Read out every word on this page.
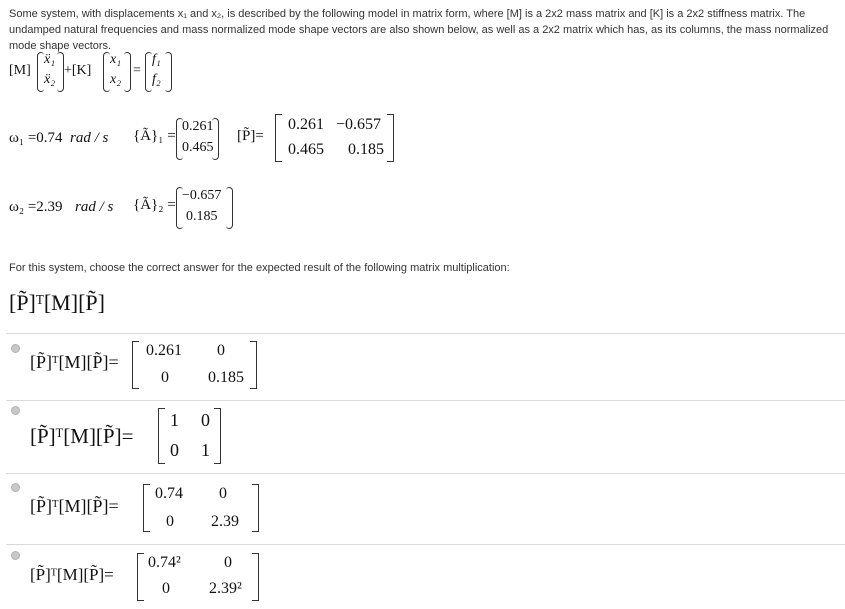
Some system, with displacements x₁ and x₂, is described by the following model in matrix form, where [M] is a 2x2 mass matrix and [K] is a 2x2 stiffness matrix. The undamped natural frequencies and mass normalized mode shape vectors are also shown below, as well as a 2x2 matrix which has, as its columns, the mass normalized mode shape vectors.
[M]
ẍ₁
ẍ₂
+[K]
x₁
x₂
=
f₁
f₂
ω₁ =0.74 rad / s {Ã}₁ =
0.261
0.465
[P̃]=
0.261 −0.657
0.465 0.185
ω₂ =2.39 rad / s {Ã}₂ =
−0.657
0.185
For this system, choose the correct answer for the expected result of the following matrix multiplication:
[P̃]ᵀ[M][P̃]
[P̃]ᵀ[M][P̃]=
0.261 0
0 0.185
[P̃]ᵀ[M][P̃]=
1 0
0 1
[P̃]ᵀ[M][P̃]=
0.74 0
0 2.39
[P̃]ᵀ[M][P̃]=
0.74²	0
0 2.39²
